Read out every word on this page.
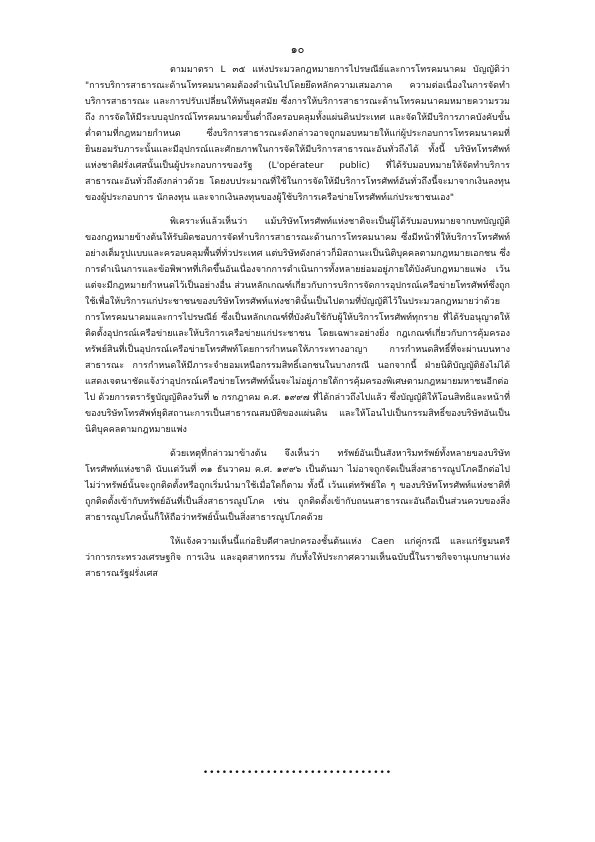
๑๐

ตามมาตรา L ๓๕ แห่งประมวลกฎหมายการไปรษณีย์และการโทรคมนาคม บัญญัติว่า "การบริการสาธารณะด้านโทรคมนาคมต้องดำเนินไปโดยยึดหลักความเสมอภาค ความต่อเนื่องในการจัดทำบริการสาธารณะ และการปรับเปลี่ยนให้ทันยุคสมัย ซึ่งการให้บริการสาธารณะด้านโทรคมนาคมหมายความรวมถึง การจัดให้มีระบบอุปกรณ์โทรคมนาคมขั้นต่ำถึงครอบคลุมทั้งแผ่นดินประเทศ และจัดให้มีบริการภาคบังคับขั้นต่ำตามที่กฎหมายกำหนด ซึ่งบริการสาธารณะดังกล่าวอาจถูกมอบหมายให้แก่ผู้ประกอบการโทรคมนาคมที่ยินยอมรับภาระนั้นและมีอุปกรณ์และศักยภาพในการจัดให้มีบริการสาธารณะอันทั่วถึงได้ ทั้งนี้ บริษัทโทรศัพท์แห่งชาติฝรั่งเศสนั้นเป็นผู้ประกอบการของรัฐ (L'opérateur public) ที่ได้รับมอบหมายให้จัดทำบริการสาธารณะอันทั่วถึงดังกล่าวด้วย โดยงบประมาณที่ใช้ในการจัดให้มีบริการโทรศัพท์อันทั่วถึงนี้จะมาจากเงินลงทุนของผู้ประกอบการ นักลงทุน และจากเงินลงทุนของผู้ใช้บริการเครือข่ายโทรศัพท์แก่ประชาชนเอง"

พิเคราะห์แล้วเห็นว่า แม้บริษัทโทรศัพท์แห่งชาติจะเป็นผู้ได้รับมอบหมายจากบทบัญญัติของกฎหมายข้างต้นให้รับผิดชอบการจัดทำบริการสาธารณะด้านการโทรคมนาคม ซึ่งมีหน้าที่ให้บริการโทรศัพท์อย่างเต็มรูปแบบและครอบคลุมพื้นที่ทั่วประเทศ แต่บริษัทดังกล่าวก็มิสถานะเป็นนิติบุคคลตามกฎหมายเอกชน ซึ่งการดำเนินการและข้อพิพาทที่เกิดขึ้นอันเนื่องจากการดำเนินการทั้งหลายย่อมอยู่ภายใต้บังคับกฎหมายแพ่ง เว้นแต่จะมีกฎหมายกำหนดไว้เป็นอย่างอื่น ส่วนหลักเกณฑ์เกี่ยวกับการบริการจัดการอุปกรณ์เครือข่ายโทรศัพท์ซึ่งถูกใช้เพื่อให้บริการแก่ประชาชนของบริษัทโทรศัพท์แห่งชาตินั้นเป็นไปตามที่บัญญัติไว้ในประมวลกฎหมายว่าด้วยการโทรคมนาคมและการไปรษณีย์ ซึ่งเป็นหลักเกณฑ์ที่บังคับใช้กับผู้ให้บริการโทรศัพท์ทุกราย ที่ได้รับอนุญาตให้ติดตั้งอุปกรณ์เครือข่ายและให้บริการเครือข่ายแก่ประชาชน โดยเฉพาะอย่างยิ่ง กฎเกณฑ์เกี่ยวกับการคุ้มครองทรัพย์สินที่เป็นอุปกรณ์เครือข่ายโทรศัพท์โดยการกำหนดให้ภาระทางอาญา การกำหนดสิทธิ์ที่จะผ่านบนทางสาธารณะ การกำหนดให้มีภาระจำยอมเหนือกรรมสิทธิ์เอกชนในบางกรณี นอกจากนี้ ฝ่ายนิติบัญญัติยังไม่ได้แสดงเจตนาชัดแจ้งว่าอุปกรณ์เครือข่ายโทรศัพท์นั้นจะไม่อยู่ภายใต้การคุ้มครองพิเศษตามกฎหมายมหาชนอีกต่อไป ด้วยการตรารัฐบัญญัติลงวันที่ ๒ กรกฎาคม ค.ศ. ๑๙๙๗ ที่ได้กล่าวถึงไปแล้ว ซึ่งบัญญัติให้โอนสิทธิและหน้าที่ของบริษัทโทรศัพท์ยุติสถานะการเป็นสาธารณสมบัติของแผ่นดิน และให้โอนไปเป็นกรรมสิทธิ์ของบริษัทอันเป็นนิติบุคคลตามกฎหมายแพ่ง

ด้วยเหตุที่กล่าวมาข้างต้น จึงเห็นว่า ทรัพย์อันเป็นสังหาริมทรัพย์ทั้งหลายของบริษัทโทรศัพท์แห่งชาติ นับแต่วันที่ ๓๑ ธันวาคม ค.ศ. ๑๙๙๖ เป็นต้นมา ไม่อาจถูกจัดเป็นสิ่งสาธารณูปโภคอีกต่อไป ไม่ว่าทรัพย์นั้นจะถูกติดตั้งหรือถูกเริ่มนำมาใช้เมื่อใดก็ตาม ทั้งนี้ เว้นแต่ทรัพย์ใด ๆ ของบริษัทโทรศัพท์แห่งชาติที่ถูกติดตั้งเข้ากับทรัพย์อันที่เป็นสิ่งสาธารณูปโภค เช่น ถูกติดตั้งเข้ากับถนนสาธารณะอันถือเป็นส่วนควบของสิ่งสาธารณูปโภคนั้นก็ให้ถือว่าทรัพย์นั้นเป็นสิ่งสาธารณูปโภคด้วย

ให้แจ้งความเห็นนี้แก่อธิบดีศาลปกครองชั้นต้นแห่ง Caen แก่คู่กรณี และแก่รัฐมนตรีว่าการกระทรวงเศรษฐกิจ การเงิน และอุตสาหกรรม กับทั้งให้ประกาศความเห็นฉบับนี้ในราชกิจจานุเบกษาแห่งสาธารณรัฐฝรั่งเศส

••••••••••••••••••••••••••••••
